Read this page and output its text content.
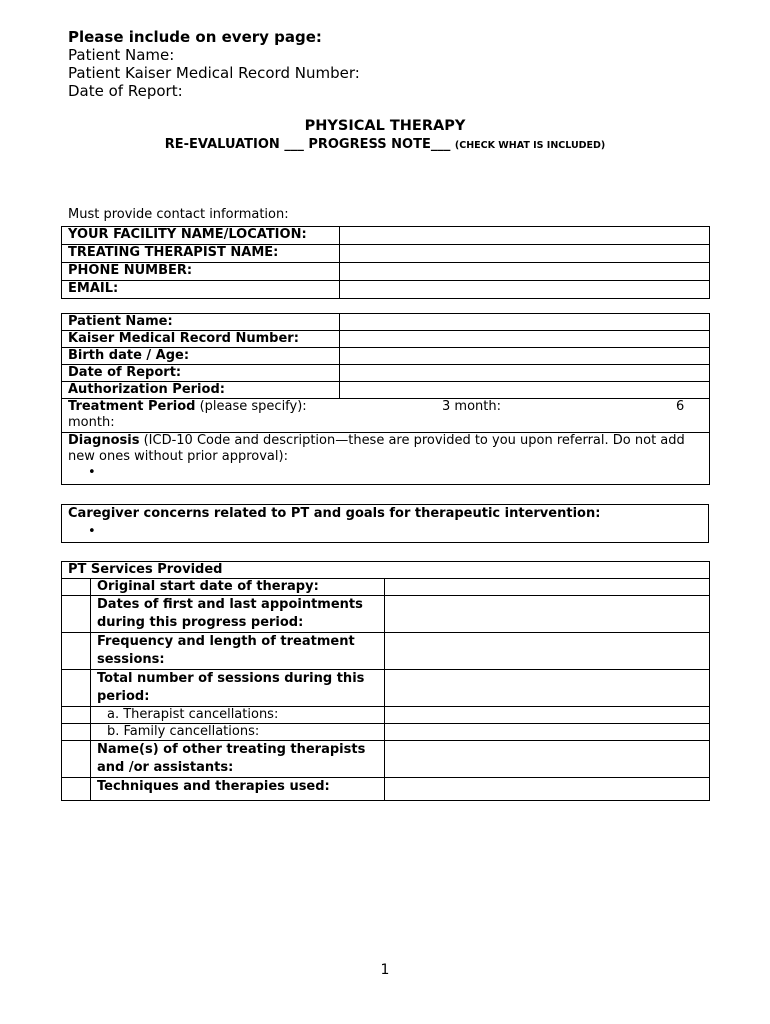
Please include on every page:
Patient Name:
Patient Kaiser Medical Record Number:
Date of Report:
PHYSICAL THERAPY
RE-EVALUATION ___ PROGRESS NOTE___ (CHECK WHAT IS INCLUDED)
Must provide contact information:
YOUR FACILITY NAME/LOCATION:	
TREATING THERAPIST NAME:	
PHONE NUMBER:	
EMAIL:	
Patient Name:	
Kaiser Medical Record Number:	
Birth date / Age:	
Date of Report:	
Authorization Period:	

Treatment Period (please specify): 3 month: 6
month:	

Diagnosis (ICD-10 Code and description—these are provided to you upon referral. Do not add new ones without prior approval):
•	
Caregiver concerns related to PT and goals for therapeutic intervention:
•
PT Services Provided		
	Original start date of therapy:	
	Dates of first and last appointments during this progress period:	
	Frequency and length of treatment sessions:	
	Total number of sessions during this period:	
	a. Therapist cancellations:	
	b. Family cancellations:	
	Name(s) of other treating therapists and /or assistants:	
	Techniques and therapies used:	
1
